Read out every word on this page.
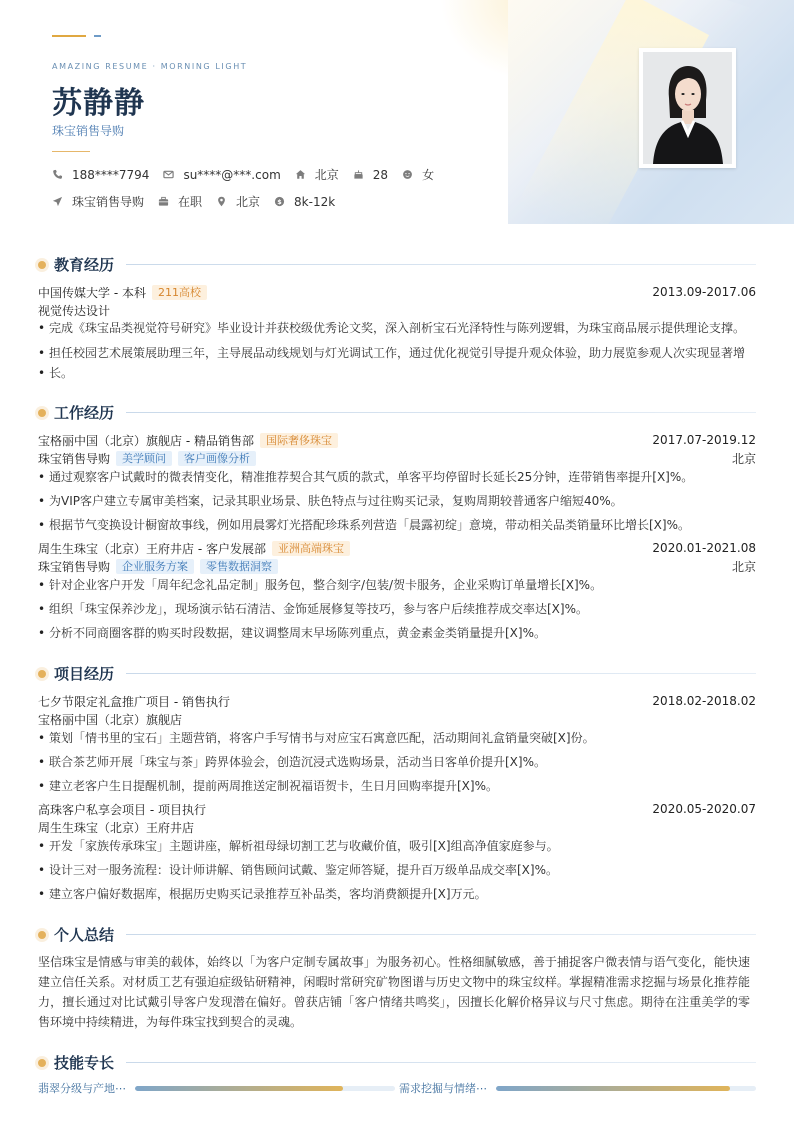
AMAZING RESUME · MORNING LIGHT
苏静静
珠宝销售导购
188****7794	su****@***.com	北京	28	女
珠宝销售导购	在职	北京 $ 8k-12k
教育经历
中国传媒大学 - 本科	211高校	2013.09-2017.06
视觉传达设计
• 完成《珠宝品类视觉符号研究》毕业设计并获校级优秀论文奖，深入剖析宝石光泽特性与陈列逻辑，为珠宝商品展示提供理论支撑。
• 担任校园艺术展策展助理三年，主导展品动线规划与灯光调试工作，通过优化视觉引导提升观众体验，助力展览参观人次实现显著增
• 长。
工作经历
宝格丽中国（北京）旗舰店 - 精品销售部	国际奢侈珠宝	2017.07-2019.12
珠宝销售导购	美学顾问	客户画像分析	北京
• 通过观察客户试戴时的微表情变化，精准推荐契合其气质的款式，单客平均停留时长延长25分钟，连带销售率提升[X]%。
• 为VIP客户建立专属审美档案，记录其职业场景、肤色特点与过往购买记录，复购周期较普通客户缩短40%。
• 根据节气变换设计橱窗故事线，例如用晨雾灯光搭配珍珠系列营造「晨露初绽」意境，带动相关品类销量环比增长[X]%。
周生生珠宝（北京）王府井店 - 客户发展部	亚洲高端珠宝	2020.01-2021.08
珠宝销售导购	企业服务方案	零售数据洞察	北京
• 针对企业客户开发「周年纪念礼品定制」服务包，整合刻字/包装/贺卡服务，企业采购订单量增长[X]%。
• 组织「珠宝保养沙龙」，现场演示钻石清洁、金饰延展修复等技巧，参与客户后续推荐成交率达[X]%。
• 分析不同商圈客群的购买时段数据，建议调整周末早场陈列重点，黄金素金类销量提升[X]%。
项目经历
七夕节限定礼盒推广项目 - 销售执行	2018.02-2018.02
宝格丽中国（北京）旗舰店
• 策划「情书里的宝石」主题营销，将客户手写情书与对应宝石寓意匹配，活动期间礼盒销量突破[X]份。
• 联合茶艺师开展「珠宝与茶」跨界体验会，创造沉浸式选购场景，活动当日客单价提升[X]%。
• 建立老客户生日提醒机制，提前两周推送定制祝福语贺卡，生日月回购率提升[X]%。
高珠客户私享会项目 - 项目执行	2020.05-2020.07
周生生珠宝（北京）王府井店
• 开发「家族传承珠宝」主题讲座，解析祖母绿切割工艺与收藏价值，吸引[X]组高净值家庭参与。
• 设计三对一服务流程：设计师讲解、销售顾问试戴、鉴定师答疑，提升百万级单品成交率[X]%。
• 建立客户偏好数据库，根据历史购买记录推荐互补品类，客均消费额提升[X]万元。
个人总结
坚信珠宝是情感与审美的载体，始终以「为客户定制专属故事」为服务初心。性格细腻敏感，善于捕捉客户微表情与语气变化，能快速建立信任关系。对材质工艺有强迫症级钻研精神，闲暇时常研究矿物图谱与历史文物中的珠宝纹样。掌握精准需求挖掘与场景化推荐能力，擅长通过对比试戴引导客户发现潜在偏好。曾获店铺「客户情绪共鸣奖」，因擅长化解价格异议与尺寸焦虑。期待在注重美学的零售环境中持续精进，为每件珠宝找到契合的灵魂。
技能专长
翡翠分级与产地⋯	需求挖掘与情绪⋯
